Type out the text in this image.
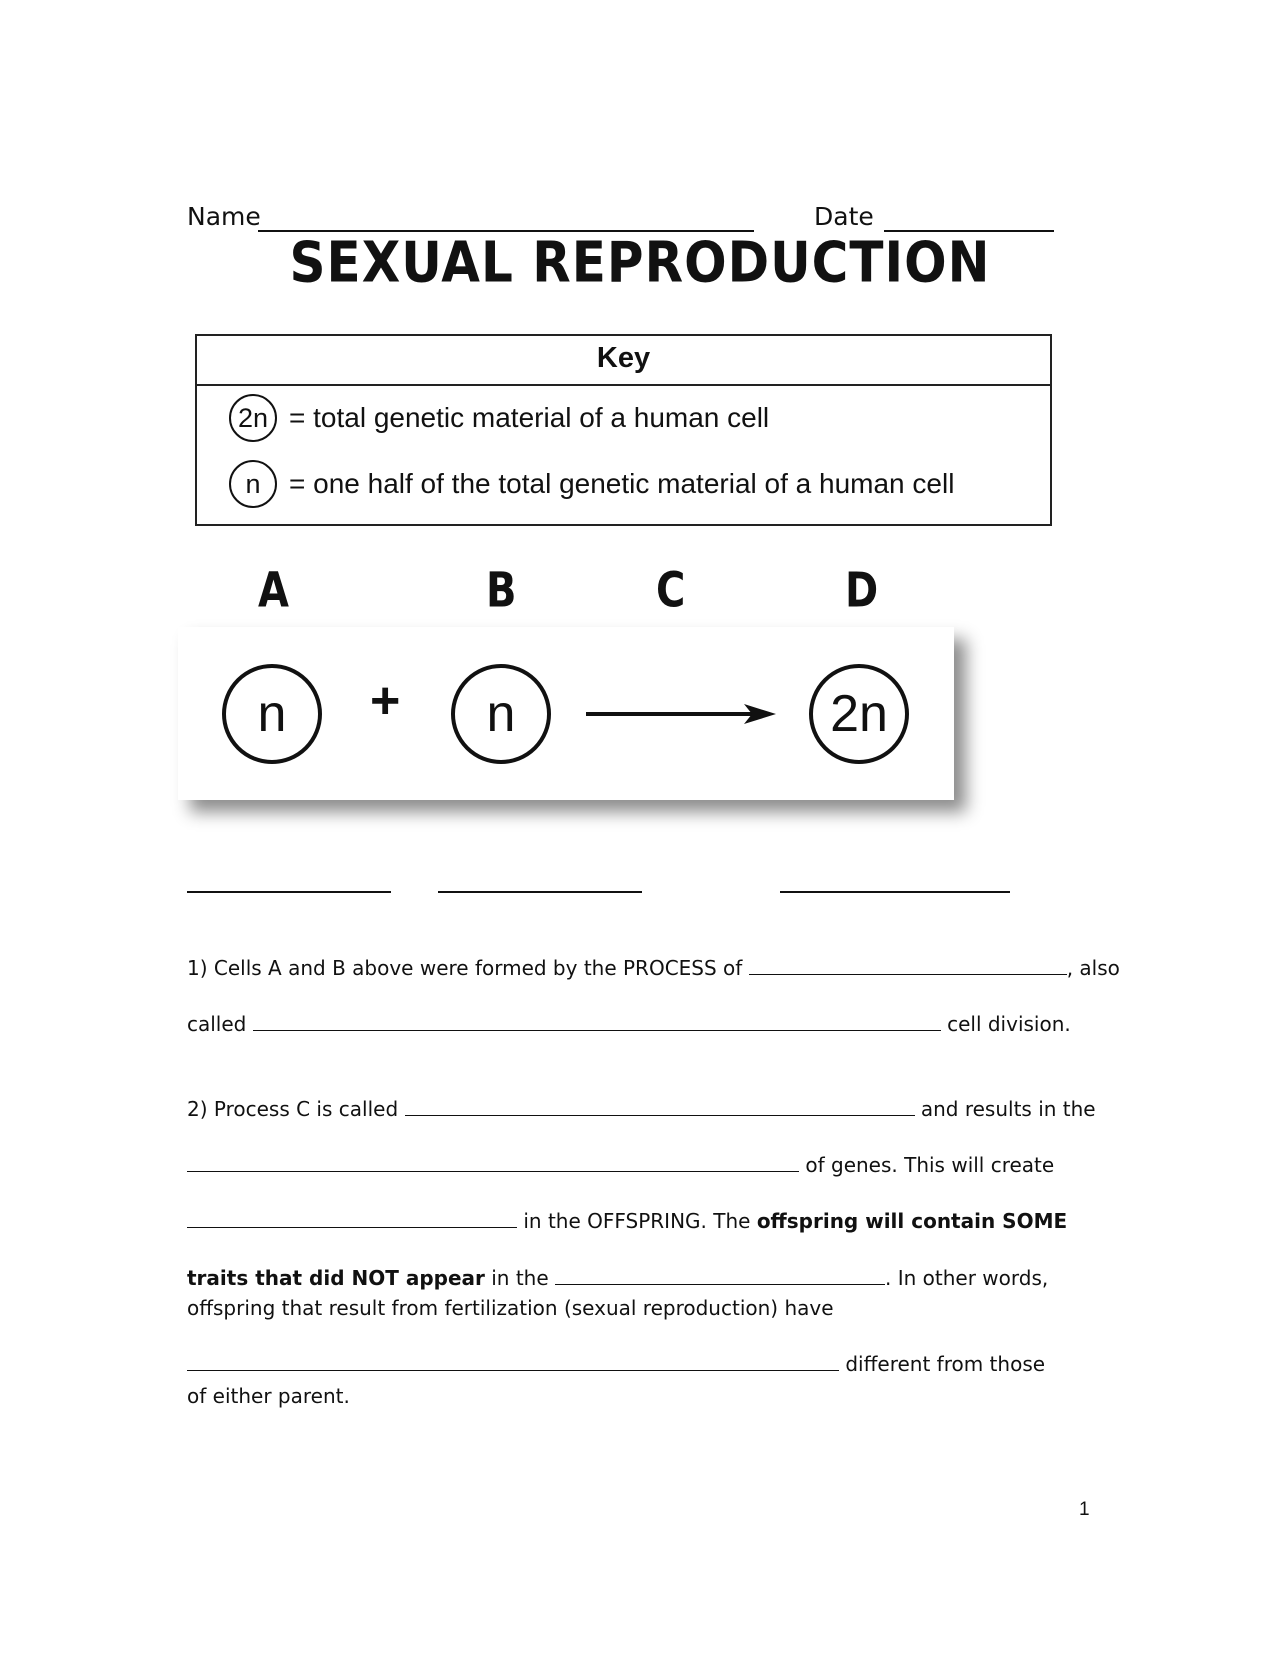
Name	Date
SEXUAL REPRODUCTION
Key
2n = total genetic material of a human cell
n	= one half of the total genetic material of a human cell
A	B	C	D
n	+	n	2n
1) Cells A and B above were formed by the PROCESS of	, also
called	cell division.
2) Process C is called	and results in the
of genes. This will create
in the OFFSPRING. The offspring will contain SOME
traits that did NOT appear in the	. In other words,
offspring that result from fertilization (sexual reproduction) have
different from those
of either parent.
1
